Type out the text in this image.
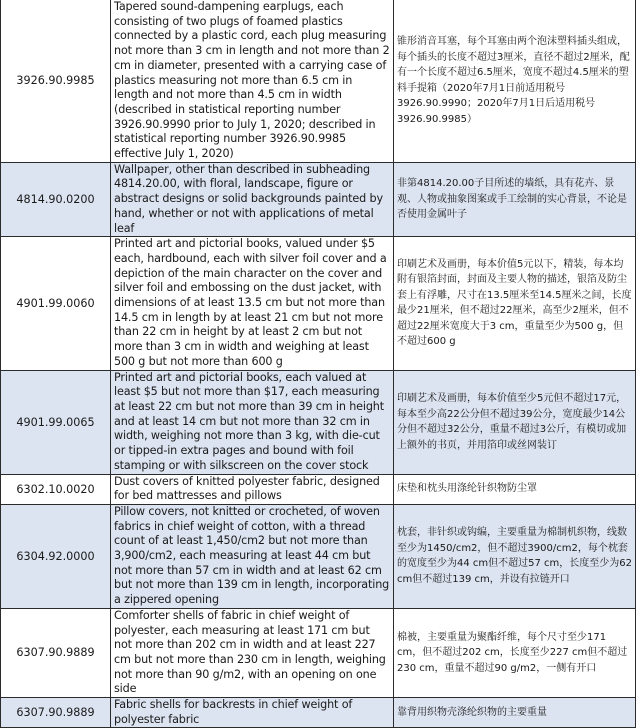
3926.90.9985	Tapered sound-dampening earplugs, each consisting of two plugs of foamed plastics connected by a plastic cord, each plug measuring not more than 3 cm in length and not more than 2 cm in diameter, presented with a carrying case of plastics measuring not more than 6.5 cm in length and not more than 4.5 cm in width (described in statistical reporting number 3926.90.9990 prior to July 1, 2020; described in statistical reporting number 3926.90.9985 effective July 1, 2020)	锥形消音耳塞，每个耳塞由两个泡沫塑料插头组成，每个插头的长度不超过3厘米，直径不超过2厘米，配有一个长度不超过6.5厘米，宽度不超过4.5厘米的塑料手提箱（2020年7月1日前适用税号3926.90.9990；2020年7月1日后适用税号3926.90.9985）
4814.90.0200	Wallpaper, other than described in subheading 4814.20.00, with floral, landscape, figure or abstract designs or solid backgrounds painted by hand, whether or not with applications of metal leaf	非第4814.20.00子目所述的墙纸，具有花卉、景观、人物或抽象图案或手工绘制的实心背景，不论是否使用金属叶子
4901.99.0060	Printed art and pictorial books, valued under $5 each, hardbound, each with silver foil cover and a depiction of the main character on the cover and silver foil and embossing on the dust jacket, with dimensions of at least 13.5 cm but not more than 14.5 cm in length by at least 21 cm but not more than 22 cm in height by at least 2 cm but not more than 3 cm in width and weighing at least 500 g but not more than 600 g	印刷艺术及画册，每本价值5元以下，精装，每本均附有银箔封面，封面及主要人物的描述，银箔及防尘套上有浮雕，尺寸在13.5厘米至14.5厘米之间，长度最少21厘米，但不超过22厘米，高至少2厘米，但不超过22厘米宽度大于3 cm，重量至少为500 g，但不超过600 g
4901.99.0065	Printed art and pictorial books, each valued at least $5 but not more than $17, each measuring at least 22 cm but not more than 39 cm in height and at least 14 cm but not more than 32 cm in width, weighing not more than 3 kg, with die-cut or tipped-in extra pages and bound with foil stamping or with silkscreen on the cover stock	印刷艺术及画册，每本价值至少5元但不超过17元，每本至少高22公分但不超过39公分，宽度最少14公分但不超过32公分，重量不超过3公斤，有模切或加上额外的书页，并用箔印或丝网装订
6302.10.0020	Dust covers of knitted polyester fabric, designed for bed mattresses and pillows	床垫和枕头用涤纶针织物防尘罩
6304.92.0000	Pillow covers, not knitted or crocheted, of woven fabrics in chief weight of cotton, with a thread count of at least 1,450/cm2 but not more than 3,900/cm2, each measuring at least 44 cm but not more than 57 cm in width and at least 62 cm but not more than 139 cm in length, incorporating a zippered opening	枕套，非针织或钩编，主要重量为棉制机织物，线数至少为1450/cm2，但不超过3900/cm2，每个枕套的宽度至少为44 cm但不超过57 cm，长度至少为62 cm但不超过139 cm，并设有拉链开口
6307.90.9889	Comforter shells of fabric in chief weight of polyester, each measuring at least 171 cm but not more than 202 cm in width and at least 227 cm but not more than 230 cm in length, weighing not more than 90 g/m2, with an opening on one side	棉被，主要重量为聚酯纤维，每个尺寸至少171 cm，但不超过202 cm，长度至少227 cm但不超过230 cm，重量不超过90 g/m2，一侧有开口
6307.90.9889	Fabric shells for backrests in chief weight of polyester fabric	靠背用织物壳涤纶织物的主要重量
